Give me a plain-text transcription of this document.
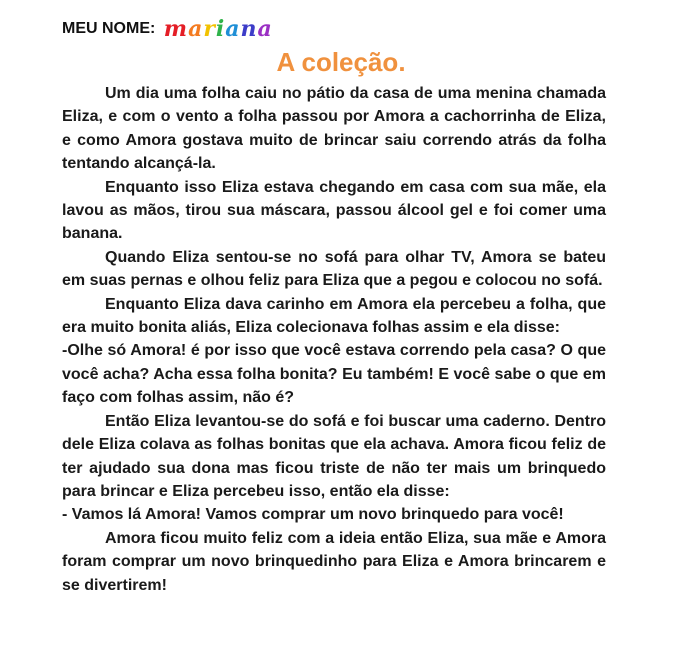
MEU NOME: mariana
A coleção.

Um dia uma folha caiu no pátio da casa de uma menina chamada Eliza, e com o vento a folha passou por Amora a cachorrinha de Eliza, e como Amora gostava muito de brincar saiu correndo atrás da folha tentando alcançá-la.

Enquanto isso Eliza estava chegando em casa com sua mãe, ela lavou as mãos, tirou sua máscara, passou álcool gel e foi comer uma banana.

Quando Eliza sentou-se no sofá para olhar TV, Amora se bateu em suas pernas e olhou feliz para Eliza que a pegou e colocou no sofá.

Enquanto Eliza dava carinho em Amora ela percebeu a folha, que era muito bonita aliás, Eliza colecionava folhas assim e ela disse:

-Olhe só Amora! é por isso que você estava correndo pela casa? O que você acha? Acha essa folha bonita? Eu também! E você sabe o que em faço com folhas assim, não é?

Então Eliza levantou-se do sofá e foi buscar uma caderno. Dentro dele Eliza colava as folhas bonitas que ela achava. Amora ficou feliz de ter ajudado sua dona mas ficou triste de não ter mais um brinquedo para brincar e Eliza percebeu isso, então ela disse:

- Vamos lá Amora! Vamos comprar um novo brinquedo para você!

Amora ficou muito feliz com a ideia então Eliza, sua mãe e Amora foram comprar um novo brinquedinho para Eliza e Amora brincarem e se divertirem!
